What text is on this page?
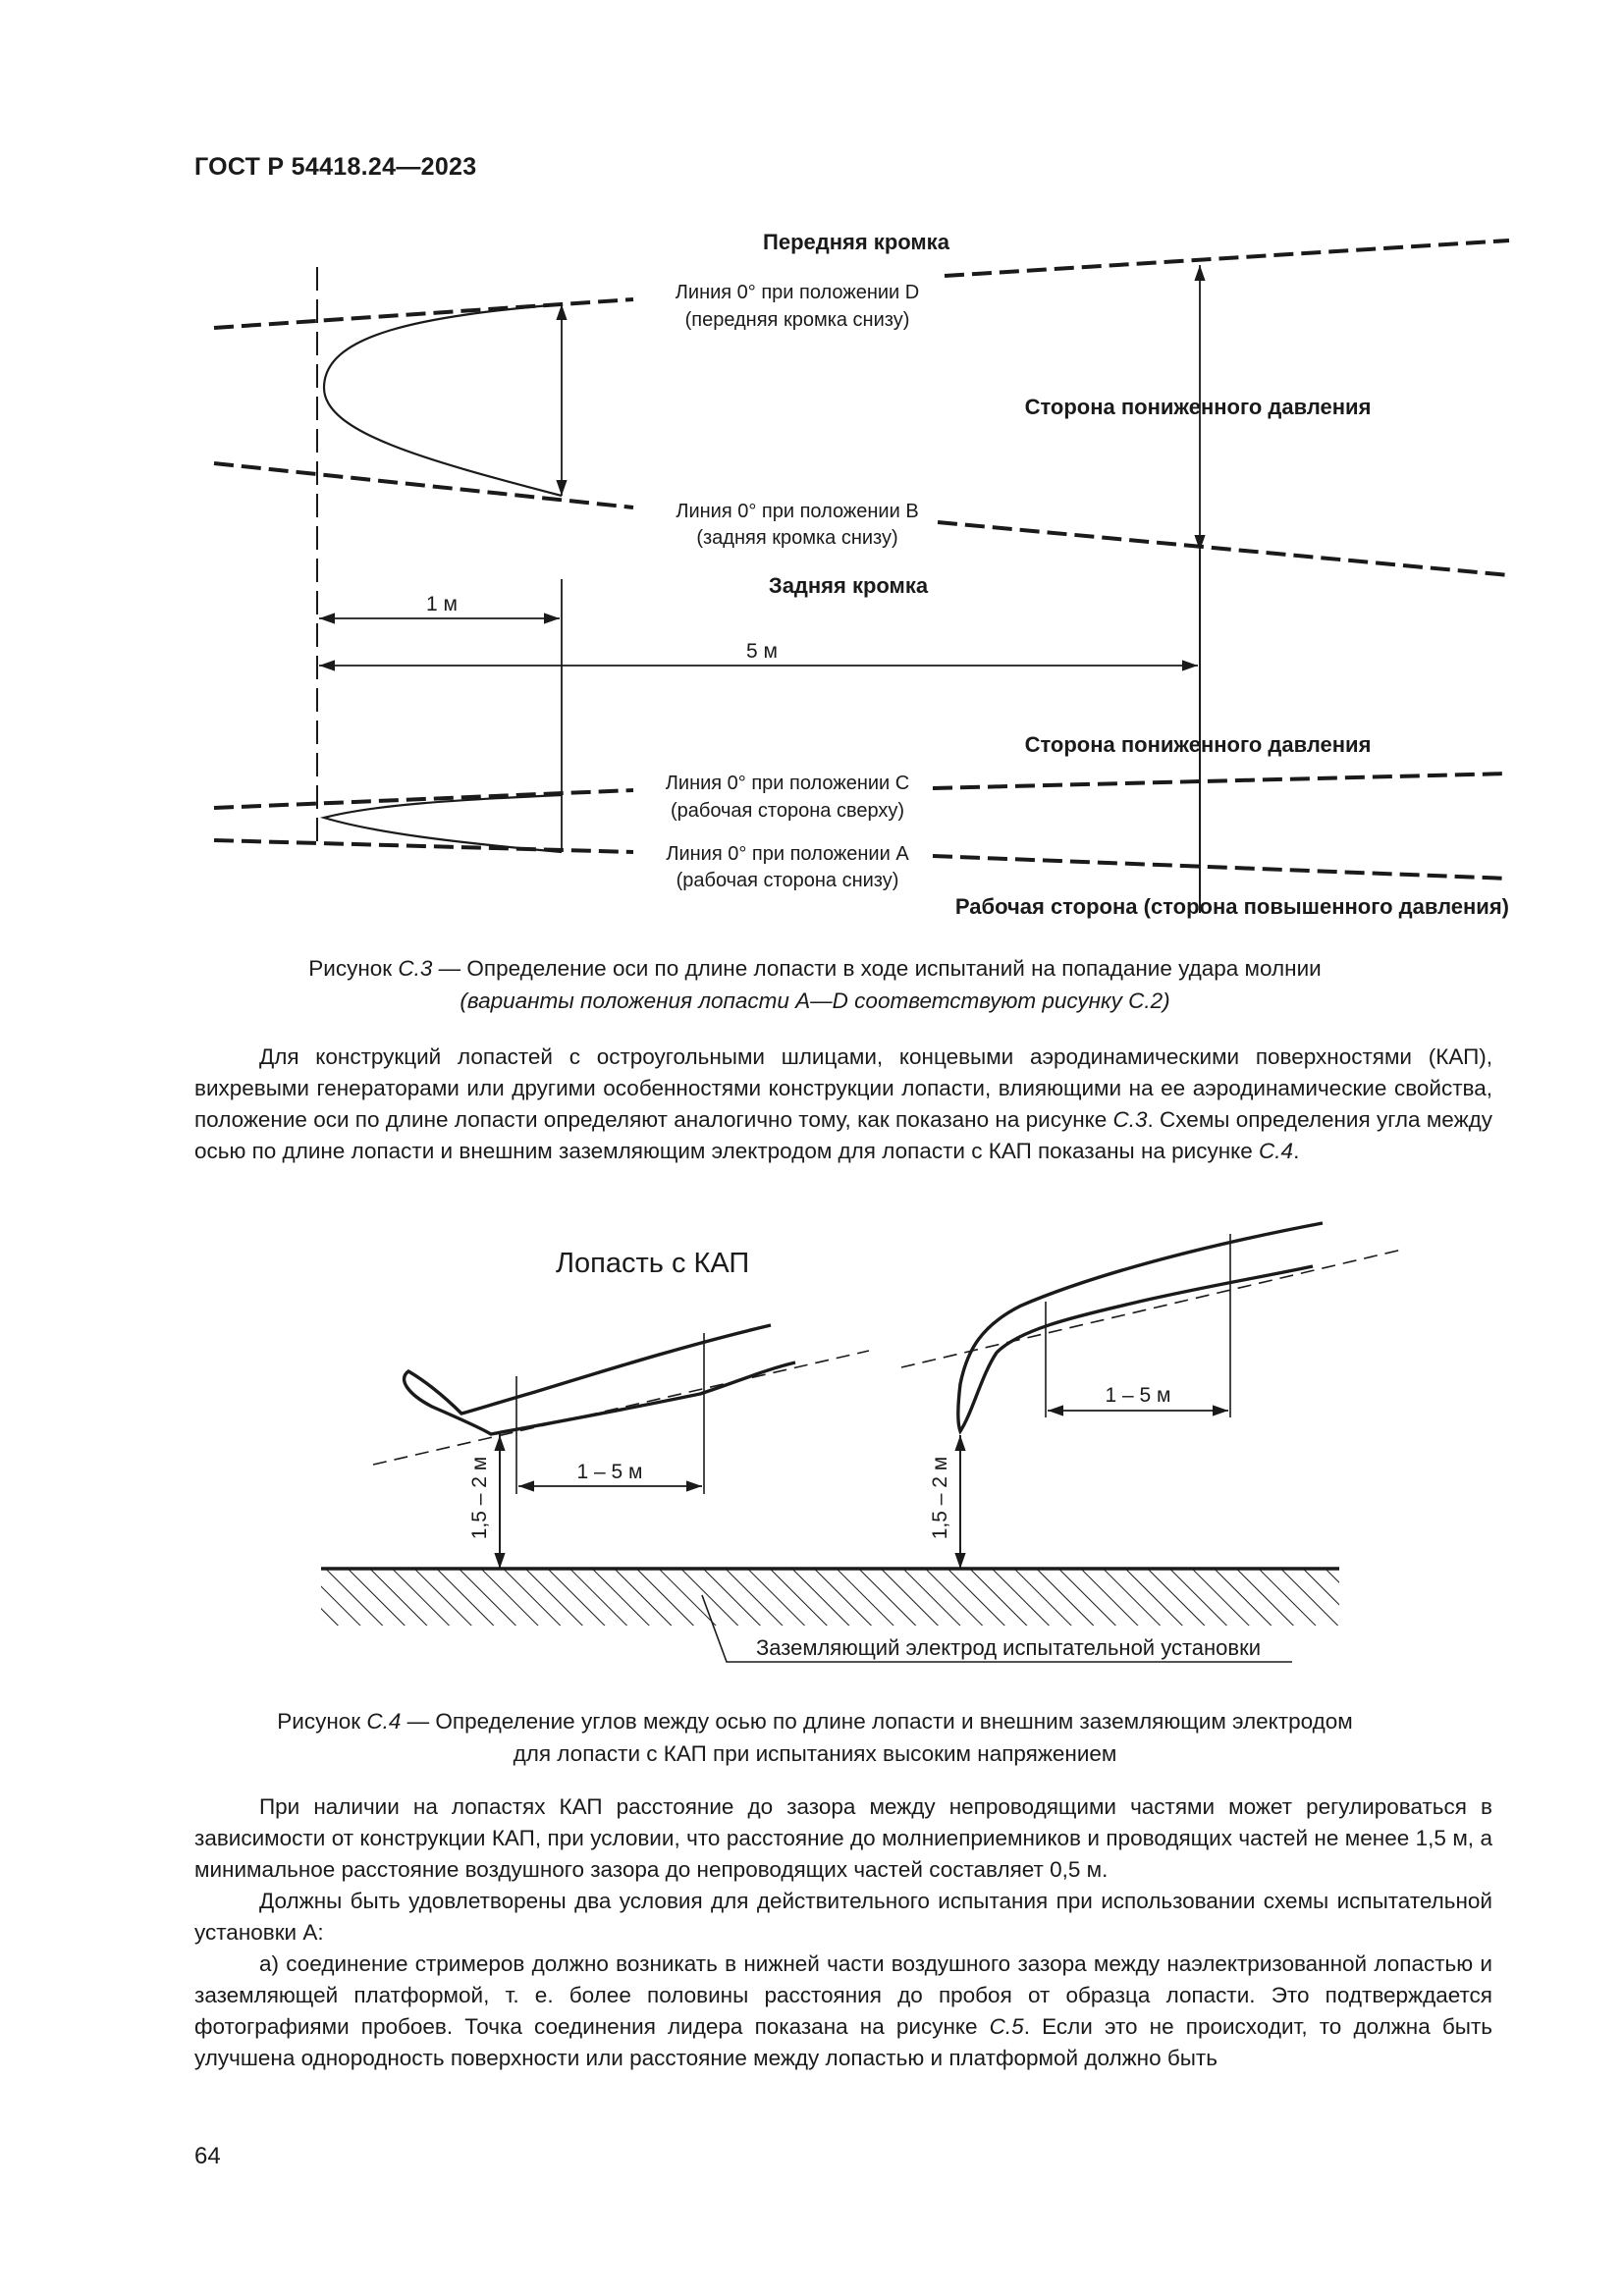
ГОСТ Р 54418.24—2023
Передняя кромка
Линия 0° при положении D
(передняя кромка снизу)
Сторона пониженного давления
Линия 0° при положении В
(задняя кромка снизу)
Задняя кромка
1 м
5 м
Сторона пониженного давления
Линия 0° при положении С
(рабочая сторона сверху)
Линия 0° при положении А
(рабочая сторона снизу)
Рабочая сторона (сторона повышенного давления)
Рисунок С.3 — Определение оси по длине лопасти в ходе испытаний на попадание удара молнии
(варианты положения лопасти A—D соответствуют рисунку С.2)

Для конструкций лопастей с остроугольными шлицами, концевыми аэродинамическими поверхностями (КАП), вихревыми генераторами или другими особенностями конструкции лопасти, влияющими на ее аэродинамические свойства, положение оси по длине лопасти определяют аналогично тому, как показано на рисунке С.3. Схемы определения угла между осью по длине лопасти и внешним заземляющим электродом для лопасти с КАП показаны на рисунке С.4.

Лопасть с КАП
1 – 5 м
1 – 5 м
1,5 – 2 м	1,5 – 2 м
Заземляющий электрод испытательной установки
Рисунок С.4 — Определение углов между осью по длине лопасти и внешним заземляющим электродом
для лопасти с КАП при испытаниях высоким напряжением

При наличии на лопастях КАП расстояние до зазора между непроводящими частями может регулироваться в зависимости от конструкции КАП, при условии, что расстояние до молниеприемников и проводящих частей не менее 1,5 м, а минимальное расстояние воздушного зазора до непроводящих частей составляет 0,5 м.

Должны быть удовлетворены два условия для действительного испытания при использовании схемы испытательной установки А:

а) соединение стримеров должно возникать в нижней части воздушного зазора между наэлектризованной лопастью и заземляющей платформой, т. е. более половины расстояния до пробоя от образца лопасти. Это подтверждается фотографиями пробоев. Точка соединения лидера показана на рисунке С.5. Если это не происходит, то должна быть улучшена однородность поверхности или расстояние между лопастью и платформой должно быть

64
